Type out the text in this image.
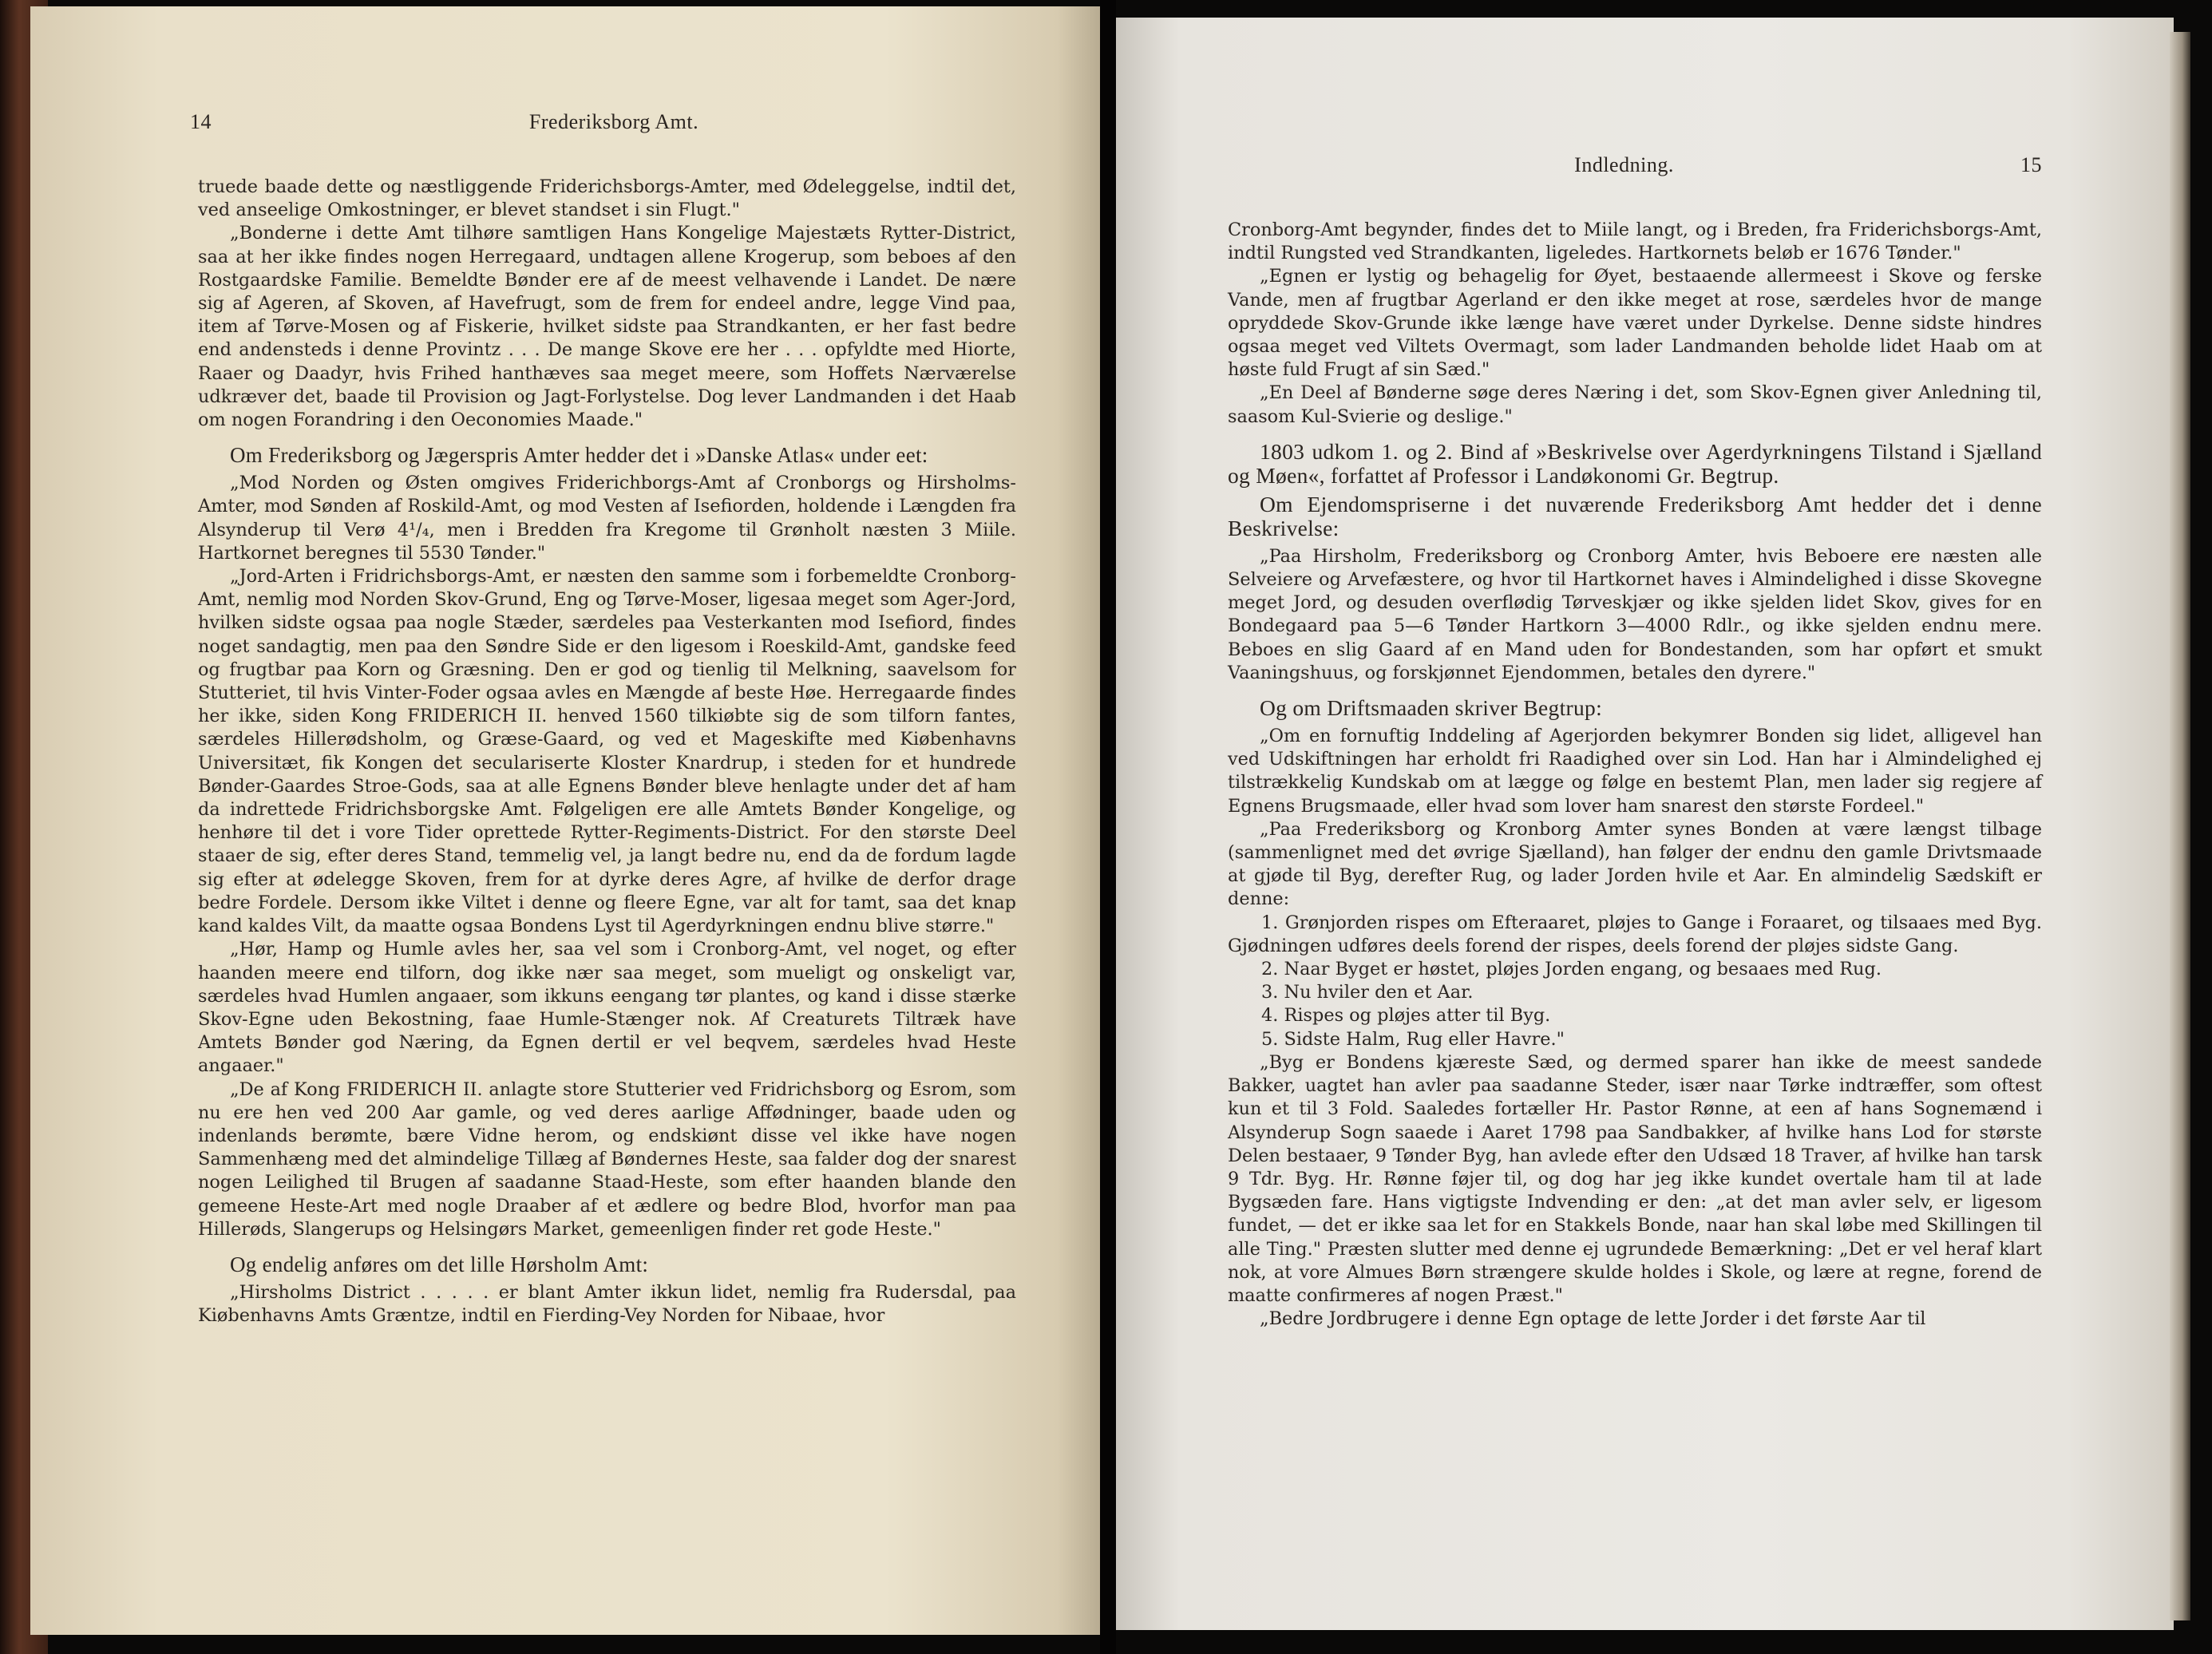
14	Frederiksborg Amt.

truede baade dette og næstliggende Friderichsborgs-Amter, med Ødeleggelse, indtil det, ved anseelige Omkostninger, er blevet standset i sin Flugt."

„Bonderne i dette Amt tilhøre samtligen Hans Kongelige Majestæts Rytter-District, saa at her ikke findes nogen Herregaard, undtagen allene Krogerup, som beboes af den Rostgaardske Familie. Bemeldte Bønder ere af de meest velhavende i Landet. De nære sig af Ageren, af Skoven, af Havefrugt, som de frem for endeel andre, legge Vind paa, item af Tørve-Mosen og af Fiskerie, hvilket sidste paa Strandkanten, er her fast bedre end andensteds i denne Provintz . . . De mange Skove ere her . . . opfyldte med Hiorte, Raaer og Daadyr, hvis Frihed hanthæves saa meget meere, som Hoffets Nærværelse udkræver det, baade til Provision og Jagt-Forlystelse. Dog lever Landmanden i det Haab om nogen Forandring i den Oeconomies Maade."

Om Frederiksborg og Jægerspris Amter hedder det i »Danske Atlas« under eet:

„Mod Norden og Østen omgives Friderichborgs-Amt af Cronborgs og Hirsholms-Amter, mod Sønden af Roskild-Amt, og mod Vesten af Isefiorden, holdende i Længden fra Alsynderup til Verø 4¹/₄, men i Bredden fra Kregome til Grønholt næsten 3 Miile. Hartkornet beregnes til 5530 Tønder."

„Jord-Arten i Fridrichsborgs-Amt, er næsten den samme som i forbemeldte Cronborg-Amt, nemlig mod Norden Skov-Grund, Eng og Tørve-Moser, ligesaa meget som Ager-Jord, hvilken sidste ogsaa paa nogle Stæder, særdeles paa Vesterkanten mod Isefiord, findes noget sandagtig, men paa den Søndre Side er den ligesom i Roeskild-Amt, gandske feed og frugtbar paa Korn og Græsning. Den er god og tienlig til Melkning, saavelsom for Stutteriet, til hvis Vinter-Foder ogsaa avles en Mængde af beste Høe. Herregaarde findes her ikke, siden Kong FRIDERICH II. henved 1560 tilkiøbte sig de som tilforn fantes, særdeles Hillerødsholm, og Græse-Gaard, og ved et Mageskifte med Kiøbenhavns Universitæt, fik Kongen det seculariserte Kloster Knardrup, i steden for et hundrede Bønder-Gaardes Stroe-Gods, saa at alle Egnens Bønder bleve henlagte under det af ham da indrettede Fridrichsborgske Amt. Følgeligen ere alle Amtets Bønder Kongelige, og henhøre til det i vore Tider oprettede Rytter-Regiments-District. For den største Deel staaer de sig, efter deres Stand, temmelig vel, ja langt bedre nu, end da de fordum lagde sig efter at ødelegge Skoven, frem for at dyrke deres Agre, af hvilke de derfor drage bedre Fordele. Dersom ikke Viltet i denne og fleere Egne, var alt for tamt, saa det knap kand kaldes Vilt, da maatte ogsaa Bondens Lyst til Agerdyrkningen endnu blive større."

„Hør, Hamp og Humle avles her, saa vel som i Cronborg-Amt, vel noget, og efter haanden meere end tilforn, dog ikke nær saa meget, som mueligt og onskeligt var, særdeles hvad Humlen angaaer, som ikkuns eengang tør plantes, og kand i disse stærke Skov-Egne uden Bekostning, faae Humle-Stænger nok. Af Creaturets Tiltræk have Amtets Bønder god Næring, da Egnen dertil er vel beqvem, særdeles hvad Heste angaaer."

„De af Kong FRIDERICH II. anlagte store Stutterier ved Fridrichsborg og Esrom, som nu ere hen ved 200 Aar gamle, og ved deres aarlige Affødninger, baade uden og indenlands berømte, bære Vidne herom, og endskiønt disse vel ikke have nogen Sammenhæng med det almindelige Tillæg af Bøndernes Heste, saa falder dog der snarest nogen Leilighed til Brugen af saadanne Staad-Heste, som efter haanden blande den gemeene Heste-Art med nogle Draaber af et ædlere og bedre Blod, hvorfor man paa Hillerøds, Slangerups og Helsingørs Market, gemeenligen finder ret gode Heste."

Og endelig anføres om det lille Hørsholm Amt:

„Hirsholms District . . . . . er blant Amter ikkun lidet, nemlig fra Rudersdal, paa Kiøbenhavns Amts Græntze, indtil en Fierding-Vey Norden for Nibaae, hvor

Indledning.	15

Cronborg-Amt begynder, findes det to Miile langt, og i Breden, fra Friderichsborgs-Amt, indtil Rungsted ved Strandkanten, ligeledes. Hartkornets beløb er 1676 Tønder."

„Egnen er lystig og behagelig for Øyet, bestaaende allermeest i Skove og ferske Vande, men af frugtbar Agerland er den ikke meget at rose, særdeles hvor de mange opryddede Skov-Grunde ikke længe have været under Dyrkelse. Denne sidste hindres ogsaa meget ved Viltets Overmagt, som lader Landmanden beholde lidet Haab om at høste fuld Frugt af sin Sæd."

„En Deel af Bønderne søge deres Næring i det, som Skov-Egnen giver Anledning til, saasom Kul-Svierie og deslige."

1803 udkom 1. og 2. Bind af »Beskrivelse over Agerdyrkningens Tilstand i Sjælland og Møen«, forfattet af Professor i Landøkonomi Gr. Begtrup.

Om Ejendomspriserne i det nuværende Frederiksborg Amt hedder det i denne Beskrivelse:

„Paa Hirsholm, Frederiksborg og Cronborg Amter, hvis Beboere ere næsten alle Selveiere og Arvefæstere, og hvor til Hartkornet haves i Almindelighed i disse Skovegne meget Jord, og desuden overflødig Tørveskjær og ikke sjelden lidet Skov, gives for en Bondegaard paa 5—6 Tønder Hartkorn 3—4000 Rdlr., og ikke sjelden endnu mere. Beboes en slig Gaard af en Mand uden for Bondestanden, som har opført et smukt Vaaningshuus, og forskjønnet Ejendommen, betales den dyrere."

Og om Driftsmaaden skriver Begtrup:

„Om en fornuftig Inddeling af Agerjorden bekymrer Bonden sig lidet, alligevel han ved Udskiftningen har erholdt fri Raadighed over sin Lod. Han har i Almindelighed ej tilstrækkelig Kundskab om at lægge og følge en bestemt Plan, men lader sig regjere af Egnens Brugsmaade, eller hvad som lover ham snarest den største Fordeel."

„Paa Frederiksborg og Kronborg Amter synes Bonden at være længst tilbage (sammenlignet med det øvrige Sjælland), han følger der endnu den gamle Drivtsmaade at gjøde til Byg, derefter Rug, og lader Jorden hvile et Aar. En almindelig Sædskift er denne:

1. Grønjorden rispes om Efteraaret, pløjes to Gange i Foraaret, og tilsaaes med Byg. Gjødningen udføres deels forend der rispes, deels forend der pløjes sidste Gang.

2. Naar Byget er høstet, pløjes Jorden engang, og besaaes med Rug.

3. Nu hviler den et Aar.

4. Rispes og pløjes atter til Byg.

5. Sidste Halm, Rug eller Havre."

„Byg er Bondens kjæreste Sæd, og dermed sparer han ikke de meest sandede Bakker, uagtet han avler paa saadanne Steder, især naar Tørke indtræffer, som oftest kun et til 3 Fold. Saaledes fortæller Hr. Pastor Rønne, at een af hans Sognemænd i Alsynderup Sogn saaede i Aaret 1798 paa Sandbakker, af hvilke hans Lod for største Delen bestaaer, 9 Tønder Byg, han avlede efter den Udsæd 18 Traver, af hvilke han tarsk 9 Tdr. Byg. Hr. Rønne føjer til, og dog har jeg ikke kundet overtale ham til at lade Bygsæden fare. Hans vigtigste Indvending er den: „at det man avler selv, er ligesom fundet, — det er ikke saa let for en Stakkels Bonde, naar han skal løbe med Skillingen til alle Ting." Præsten slutter med denne ej ugrundede Bemærkning: „Det er vel heraf klart nok, at vore Almues Børn strængere skulde holdes i Skole, og lære at regne, forend de maatte confirmeres af nogen Præst."

„Bedre Jordbrugere i denne Egn optage de lette Jorder i det første Aar til
